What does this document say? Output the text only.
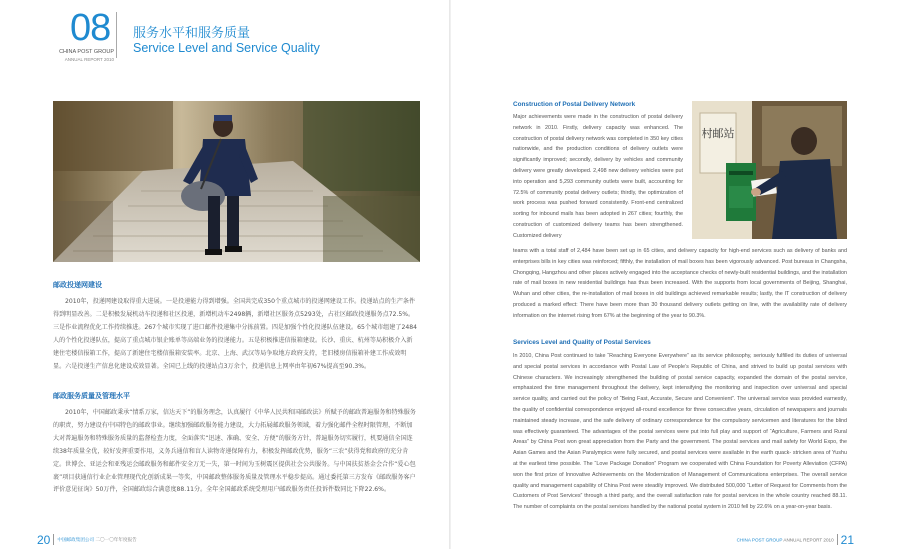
08
CHINA POST GROUP
ANNUAL REPORT 2010
服务水平和服务质量
Service Level and Service Quality
村邮站
邮政投递网建设

2010年，投递网建设取得重大进展。一是投递能力得到增强。全国共完成350个重点城市的投递网建设工作。投递站点的生产条件得到明显改善。二是积极发展机动车投递和社区投递，新增机动车2498辆，新增社区服务点5293处，占社区邮政投递服务点72.5%。三是作业流程优化工作持续推进。267个城市实现了进口邮件投递集中分拣前置。四是加强个性化投递队伍建设。65个城市组建了2484人的个性化投递队伍，提高了重点城市银企账单等高端业务的投递能力。五是积极推进信报箱建设。长沙、重庆、杭州等局积极介入新建住宅楼信报箱工作，提高了新建住宅楼信报箱安装率。北京、上海、武汉等局争取地方政府支持，老旧楼房信报箱补建工作成效明显。六是投递生产信息化建设成效显著。全国已上线的投递站点3万余个，投递信息上网率由年初67%提高至90.3%。

邮政服务质量及管理水平

2010年，中国邮政秉承“情系万家，信达天下”的服务理念，认真履行《中华人民共和国邮政法》所赋予的邮政普遍服务和特殊服务的职责，努力建设有中国特色的邮政事业。继续加强邮政服务能力建设，大力拓展邮政服务领域，着力强化邮件全程时限管理，不断加大对普遍服务和特殊服务质量的监督检查力度，全面落实“迅速、准确、安全、方便”的服务方针，普遍服务切实履行，机要通信全国连续38年质量全优，较好发挥重要作用，义务兵通信和盲人读物寄递保障有力，积极发挥邮政优势，服务“三农”获得党和政府的充分肯定。世博会、亚运会和亚残运会邮政服务和邮件安全万无一失，第一时间为玉树震区提供社会公共服务。与中国扶贫基金会合作“爱心包裹”项目获通信行业企业管理现代化创新成果一等奖，中国邮政整体服务质量及管理水平稳步提高。通过委托第三方发布《邮政服务客户评价意见征询》50万件，全国邮政综合满意度88.11分。全年全国邮政系统受理用户邮政服务责任投诉件数同比下降22.6%。

Construction of Postal Delivery Network

Major achievements were made in the construction of postal delivery network in 2010. Firstly, delivery capacity was enhanced. The construction of postal delivery network was completed in 350 key cities nationwide, and the production conditions of delivery outlets were significantly improved; secondly, delivery by vehicles and community delivery were greatly developed. 2,498 new delivery vehicles were put into operation and 5,293 community outlets were built, accounting for 72.5% of community postal delivery outlets; thirdly, the optimization of work process was pushed forward consistently. Front-end centralized sorting for inbound mails has been adopted in 267 cities; fourthly, the construction of customized delivery teams has been strengthened. Customized delivery

teams with a total staff of 2,484 have been set up in 65 cities, and delivery capacity for high-end services such as delivery of banks and enterprises bills in key cities was reinforced; fifthly, the installation of mail boxes has been vigorously advanced. Post bureaus in Changsha, Chongqing, Hangzhou and other places actively engaged into the acceptance checks of newly-built residential buildings, and the installation rate of mail boxes in new residential buildings has thus been increased. With the supports from local governments of Beijing, Shanghai, Wuhan and other cities, the re-installation of mail boxes in old buildings achieved remarkable results; lastly, the IT construction of delivery produced a marked effect: There have been more than 30 thousand delivery outlets getting on line, with the availability rate of delivery information on the internet rising from 67% at the beginning of the year to 90.3%.

Services Level and Quality of Postal Services

In 2010, China Post continued to take “Reaching Everyone Everywhere” as its service philosophy, seriously fulfilled its duties of universal and special postal services in accordance with Postal Law of People’s Republic of China, and strived to build up postal services with Chinese characters. We increasingly strengthened the building of postal service capacity, expanded the domain of the postal service, emphasized the time management throughout the delivery, kept intensifying the monitoring and inspection over universal and special service quality, and carried out the policy of “Being Fast, Accurate, Secure and Convenient”. The universal service was provided earnestly, the quality of confidential correspondence enjoyed all-round excellence for three consecutive years, circulation of newspapers and journals maintained steady increase, and the safe delivery of ordinary correspondence for the compulsory servicemen and literatures for the blind was effectively guaranteed. The advantages of the postal services were put into full play and support of “Agriculture, Farmers and Rural Areas” by China Post won great appreciation from the Party and the government. The postal services and mail safety for World Expo, the Asian Games and the Asian Paralympics were fully secured, and postal services were available in the earth quack- stricken area of Yushu at the earliest time possible. The “Love Package Donation” Program we cooperated with China Foundation for Poverty Alleviation (CFPA) won the first prize of Innovative Achievements on the Modernization of Management of Communications enterprises. The overall service quality and management capability of China Post were steadily improved. We distributed 500,000 “Letter of Request for Comments from the Customers of Post Services” through a third party, and the overall satisfaction rate for postal services in the whole country reached 88.11. The number of complaints on the postal services handled by the national postal system in 2010 fell by 22.6% on a year-on-year basis.

20 中国邮政集团公司 二〇一〇年年度报告	CHINA POST GROUP ANNUAL REPORT 2010 21
